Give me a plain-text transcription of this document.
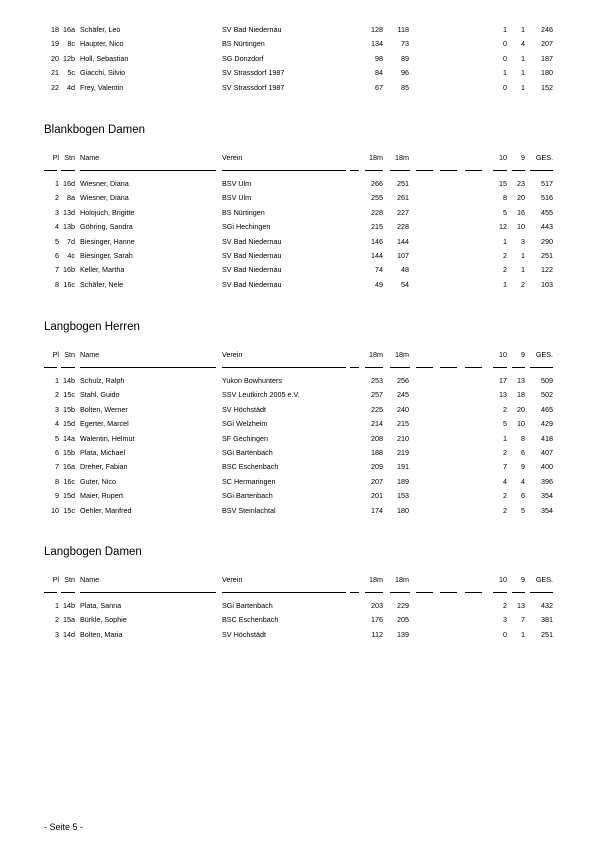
18 16a Schäfer, Leo	SV Bad Niedernau	128	118	1	1	246
19	8c Haupter, Nico	BS Nürtingen	134	73	0	4	207
20 12b Holl, Sebastian	SG Donzdorf	98	89	0	1	187
21	5c Giacchi, Silvio	SV Strassdorf 1987	84	96	1	1	180
22	4d Frey, Valentin	SV Strassdorf 1987	67	85	0	1	152
Blankbogen Damen
Pl Stn Name	Verein	18m	18m	10	9	GES.
1 16d Wiesner, Diana	BSV Ulm	266	251	15	23	517
2	8a Wiesner, Diana	BSV Ulm	255	261	8	20	516
3 13d Holojuch, Brigitte	BS Nürtingen	228	227	5	16	455
4 13b Göhring, Sandra	SGi Hechingen	215	228	12	10	443
5	7d Biesinger, Hanne	SV Bad Niedernau	146	144	1	3	290
6	4c Biesinger, Sarah	SV Bad Niedernau	144	107	2	1	251
7 16b Keller, Martha	SV Bad Niedernau	74	48	2	1	122
8 16c Schäfer, Nele	SV Bad Niedernau	49	54	1	2	103
Langbogen Herren
Pl Stn Name	Verein	18m	18m	10	9	GES.
1 14b Schulz, Ralph	Yukon Bowhunters	253	256	17	13	509
2 15c Stahl, Guido	SSV Leutkirch 2005 e.V.	257	245	13	18	502
3 15b Bolten, Werner	SV Höchstädt	225	240	2	20	465
4 15d Egerter, Marcel	SGi Welzheim	214	215	5	10	429
5 14a Walentin, Helmut	SF Gechingen	208	210	1	8	418
6 15b Plata, Michael	SGi Bartenbach	188	219	2	6	407
7 16a Dreher, Fabian	BSC Eschenbach	209	191	7	9	400
8 16c Guter, Nico	SC Hermaringen	207	189	4	4	396
9 15d Maier, Rupert	SGi Bartenbach	201	153	2	6	354
10 15c Oehler, Manfred	BSV Steinlachtal	174	180	2	5	354
Langbogen Damen
Pl Stn Name	Verein	18m	18m	10	9	GES.
1 14b Plata, Sanna	SGi Bartenbach	203	229	2	13	432
2 15a Bürkle, Sophie	BSC Eschenbach	176	205	3	7	381
3 14d Bolten, Maria	SV Höchstädt	112	139	0	1	251
- Seite 5 -
